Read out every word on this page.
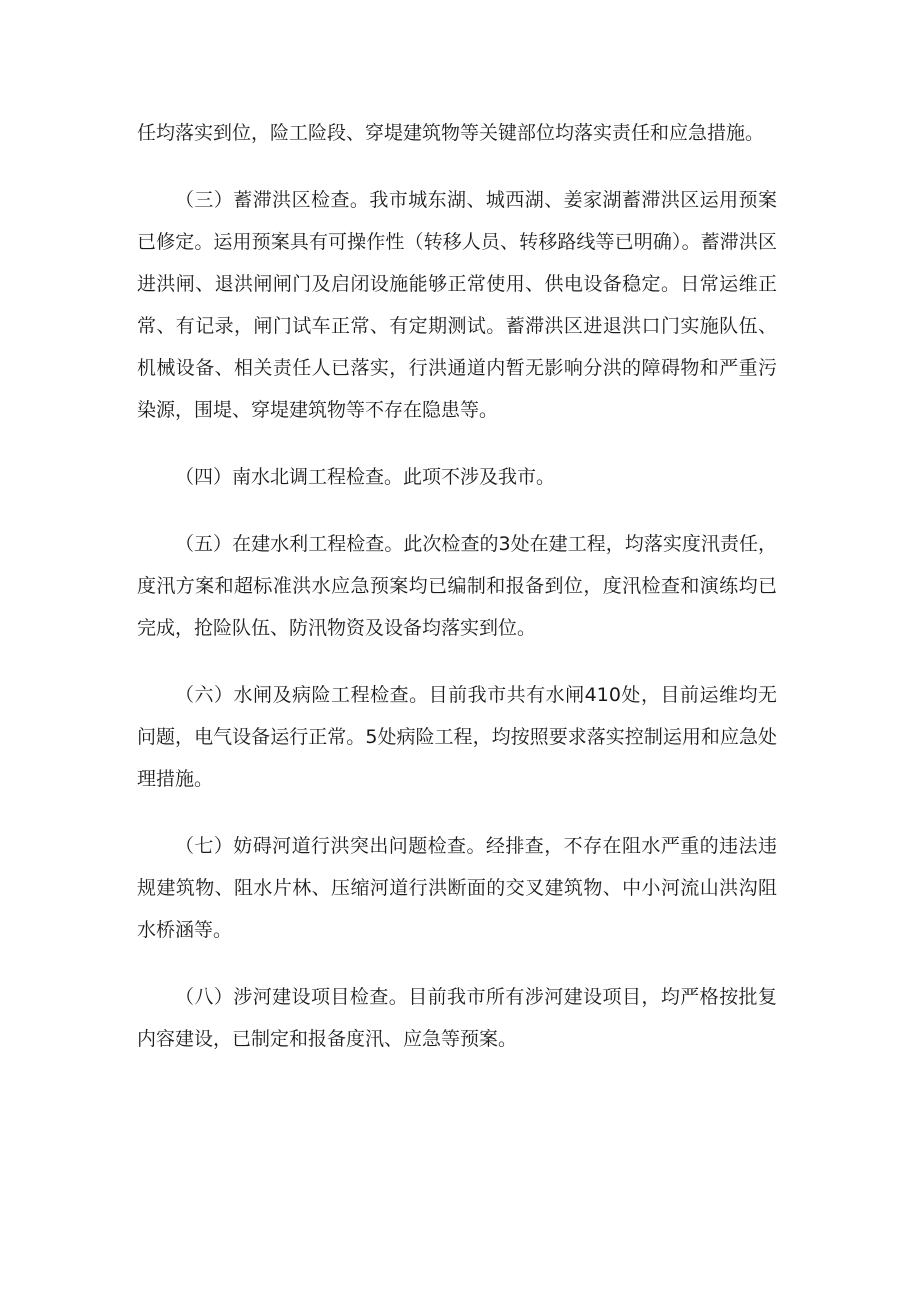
任均落实到位，险工险段、穿堤建筑物等关键部位均落实责任和应急措施。

（三）蓄滞洪区检查。我市城东湖、城西湖、姜家湖蓄滞洪区运用预案已修定。运用预案具有可操作性（转移人员、转移路线等已明确）。蓄滞洪区进洪闸、退洪闸闸门及启闭设施能够正常使用、供电设备稳定。日常运维正常、有记录，闸门试车正常、有定期测试。蓄滞洪区进退洪口门实施队伍、机械设备、相关责任人已落实，行洪通道内暂无影响分洪的障碍物和严重污染源，围堤、穿堤建筑物等不存在隐患等。

（四）南水北调工程检查。此项不涉及我市。

（五）在建水利工程检查。此次检查的3处在建工程，均落实度汛责任，度汛方案和超标准洪水应急预案均已编制和报备到位，度汛检查和演练均已完成，抢险队伍、防汛物资及设备均落实到位。

（六）水闸及病险工程检查。目前我市共有水闸410处，目前运维均无问题，电气设备运行正常。5处病险工程，均按照要求落实控制运用和应急处理措施。

（七）妨碍河道行洪突出问题检查。经排查，不存在阻水严重的违法违规建筑物、阻水片林、压缩河道行洪断面的交叉建筑物、中小河流山洪沟阻水桥涵等。

（八）涉河建设项目检查。目前我市所有涉河建设项目，均严格按批复内容建设，已制定和报备度汛、应急等预案。
